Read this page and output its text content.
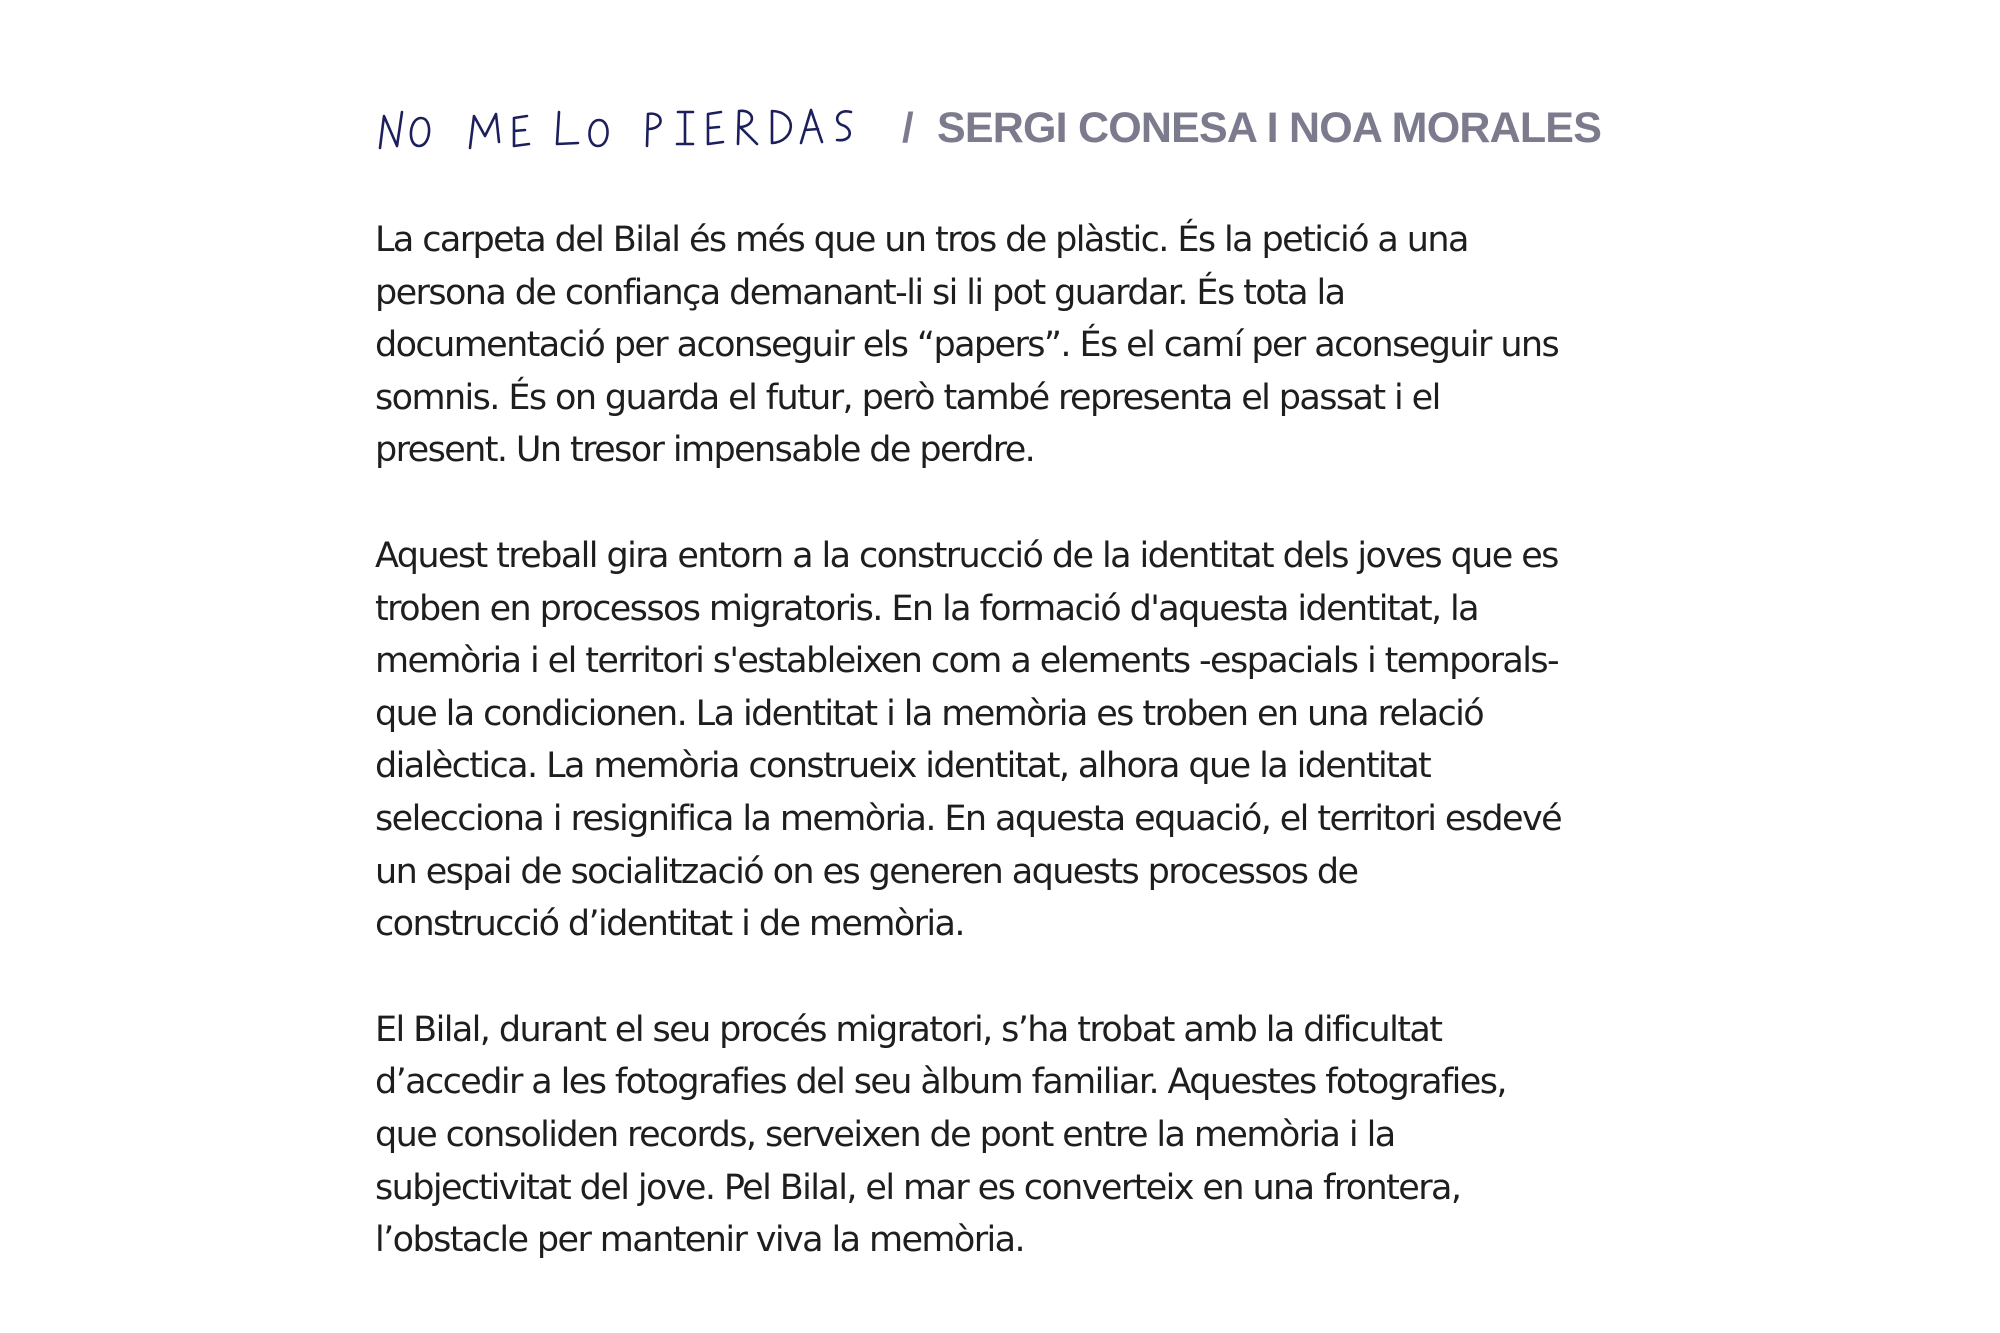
/ SERGI CONESA I NOA MORALES

La carpeta del Bilal és més que un tros de plàstic. És la petició a una
persona de confiança demanant-li si li pot guardar. És tota la
documentació per aconseguir els “papers”. És el camí per aconseguir uns
somnis. És on guarda el futur, però també representa el passat i el
present. Un tresor impensable de perdre.

Aquest treball gira entorn a la construcció de la identitat dels joves que es
troben en processos migratoris. En la formació d'aquesta identitat, la
memòria i el territori s'estableixen com a elements -espacials i temporals-
que la condicionen. La identitat i la memòria es troben en una relació
dialèctica. La memòria construeix identitat, alhora que la identitat
selecciona i resignifica la memòria. En aquesta equació, el territori esdevé
un espai de socialització on es generen aquests processos de
construcció d’identitat i de memòria.

El Bilal, durant el seu procés migratori, s’ha trobat amb la dificultat
d’accedir a les fotografies del seu àlbum familiar. Aquestes fotografies,
que consoliden records, serveixen de pont entre la memòria i la
subjectivitat del jove. Pel Bilal, el mar es converteix en una frontera,
l’obstacle per mantenir viva la memòria.
